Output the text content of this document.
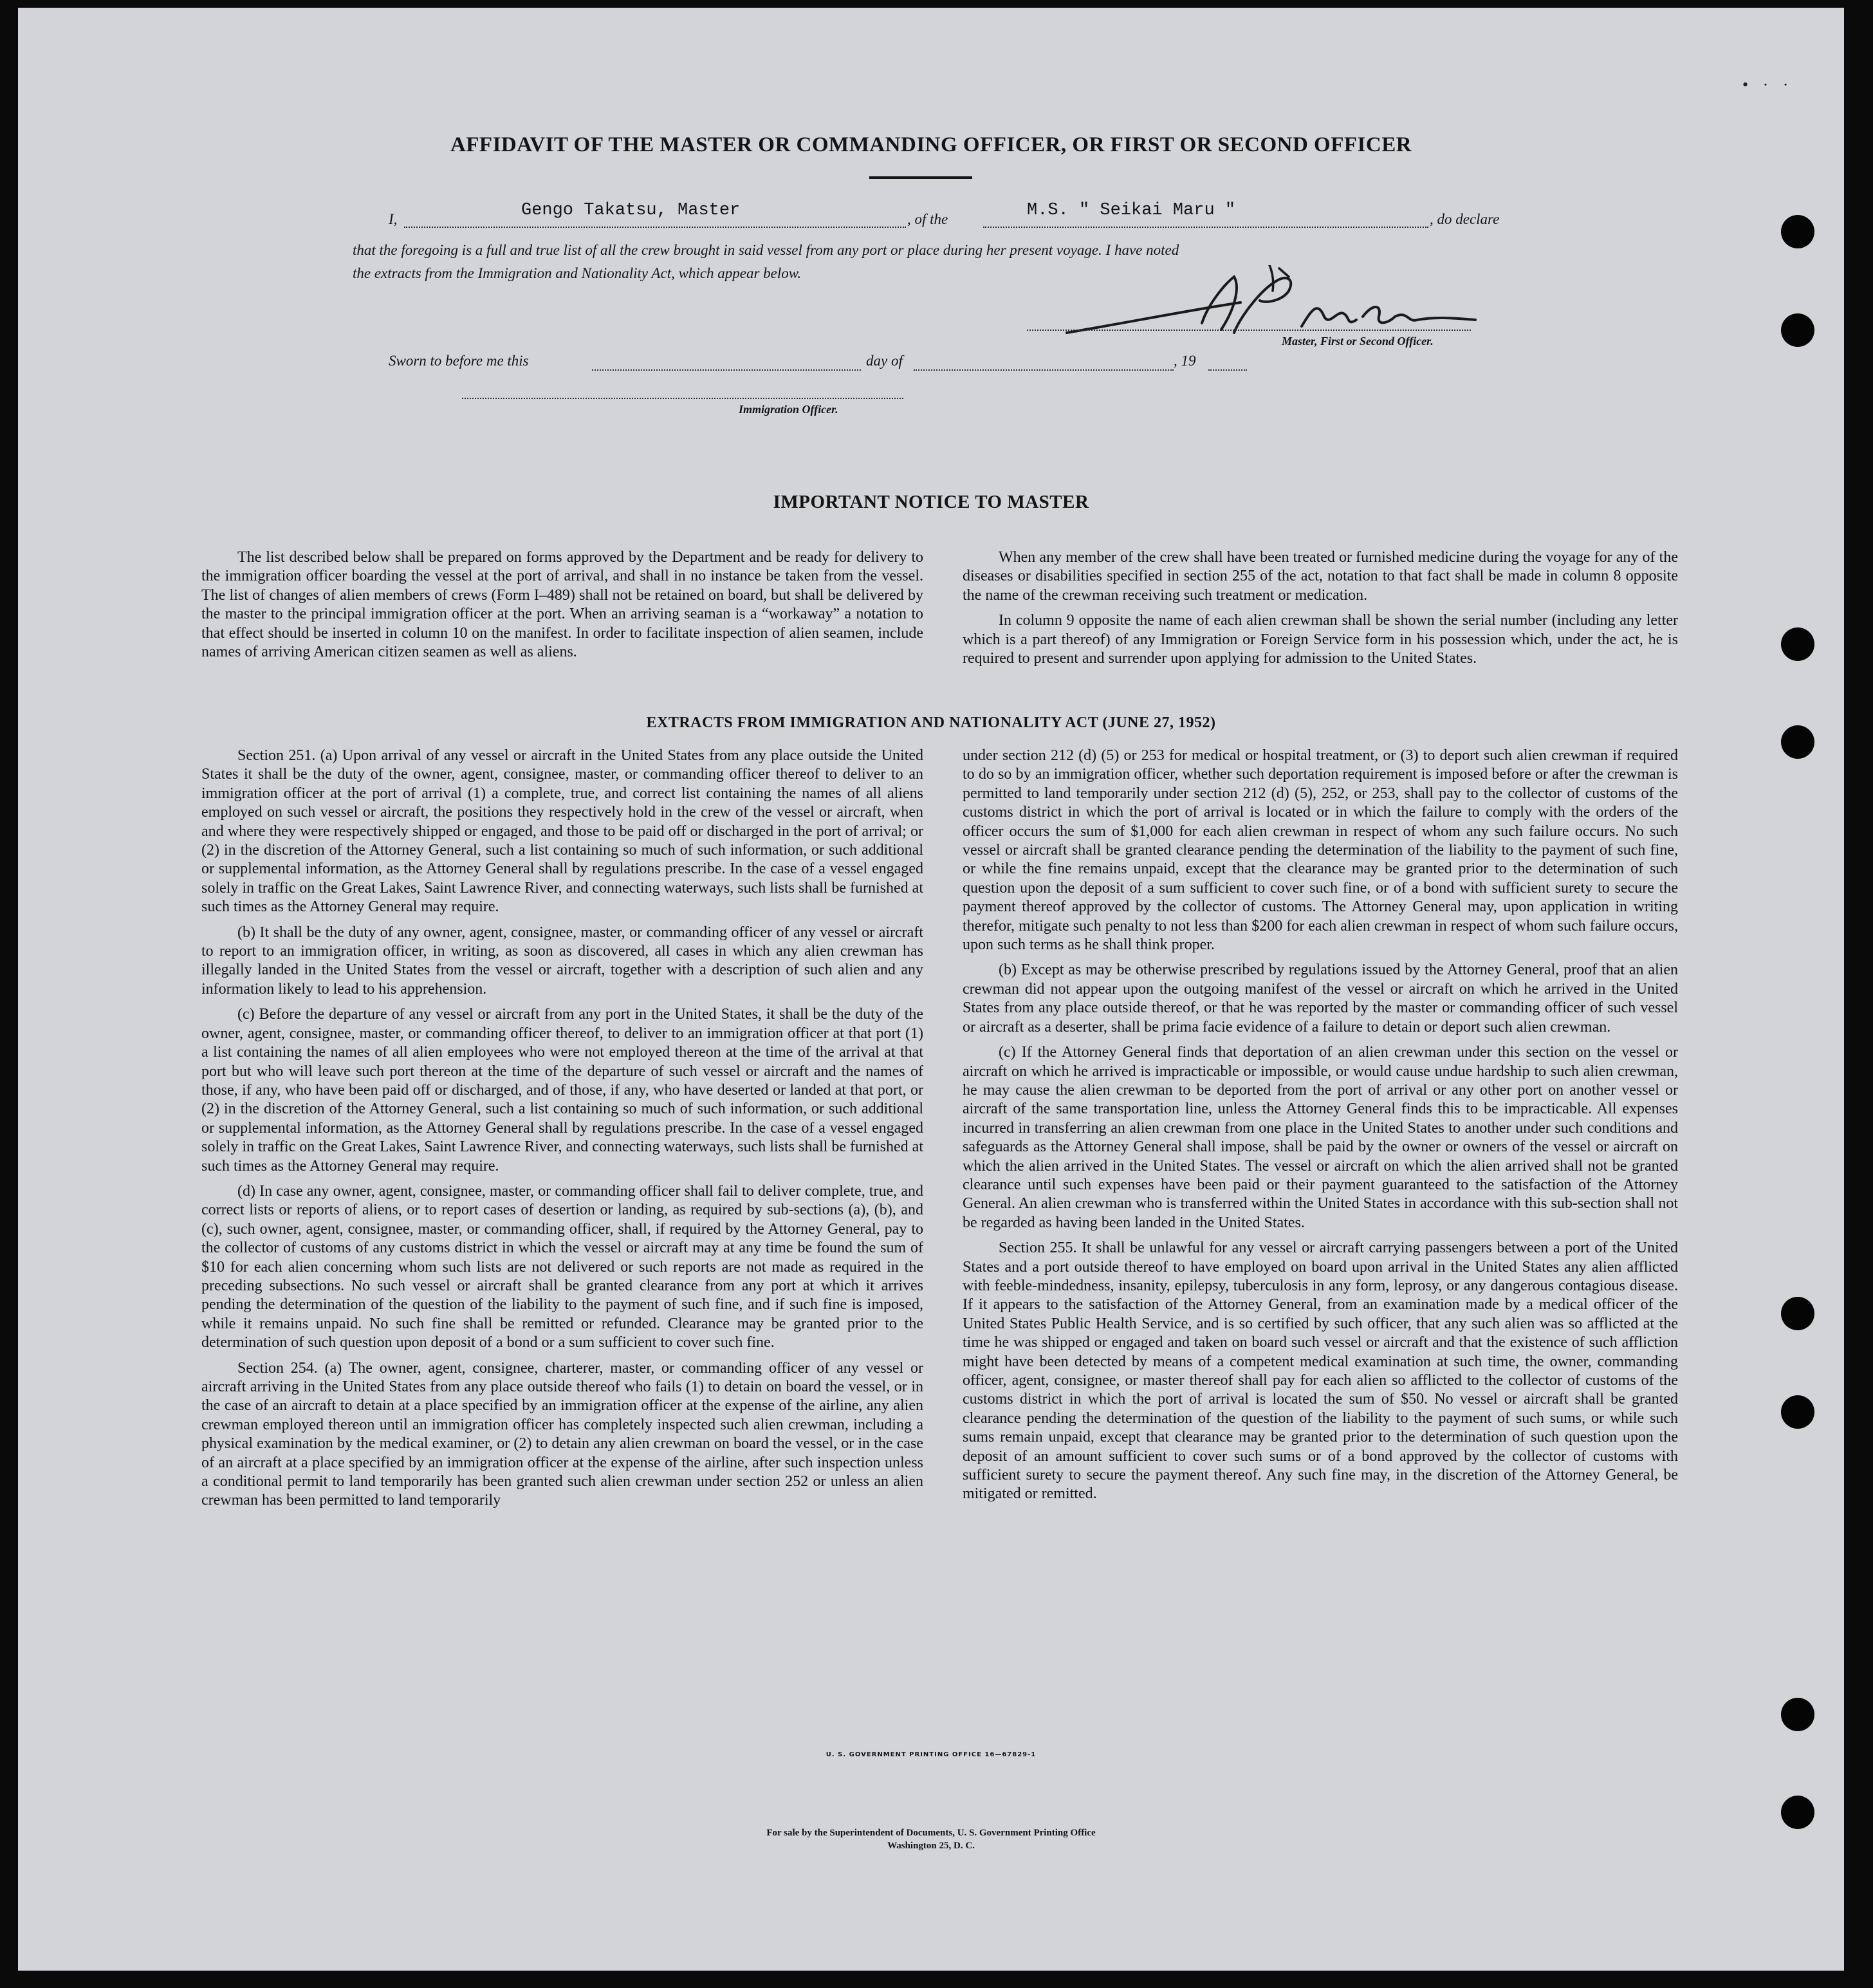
• · ·
AFFIDAVIT OF THE MASTER OR COMMANDING OFFICER, OR FIRST OR SECOND OFFICER
I,	Gengo Takatsu, Master	, of the	M.S. " Seikai Maru "	, do declare
that the foregoing is a full and true list of all the crew brought in said vessel from any port or place during her present voyage. I have noted
the extracts from the Immigration and Nationality Act, which appear below.
Master, First or Second Officer.
Sworn to before me this	day of	, 19
Immigration Officer.
IMPORTANT NOTICE TO MASTER

The list described below shall be prepared on forms approved by the Department and be ready for delivery to the immigration officer boarding the vessel at the port of arrival, and shall in no instance be taken from the vessel. The list of changes of alien members of crews (Form I–489) shall not be retained on board, but shall be delivered by the master to the principal immigration officer at the port. When an arriving seaman is a “workaway” a notation to that effect should be inserted in column 10 on the manifest. In order to facilitate inspection of alien seamen, include names of arriving American citizen seamen as well as aliens.

When any member of the crew shall have been treated or furnished medicine during the voyage for any of the diseases or disabilities specified in section 255 of the act, notation to that fact shall be made in column 8 opposite the name of the crewman receiving such treatment or medication.

In column 9 opposite the name of each alien crewman shall be shown the serial number (including any letter which is a part thereof) of any Immigration or Foreign Service form in his possession which, under the act, he is required to present and surrender upon applying for admission to the United States.

EXTRACTS FROM IMMIGRATION AND NATIONALITY ACT (JUNE 27, 1952)

Section 251. (a) Upon arrival of any vessel or aircraft in the United States from any place outside the United States it shall be the duty of the owner, agent, consignee, master, or commanding officer thereof to deliver to an immigration officer at the port of arrival (1) a complete, true, and correct list containing the names of all aliens employed on such vessel or aircraft, the positions they respectively hold in the crew of the vessel or aircraft, when and where they were respectively shipped or engaged, and those to be paid off or discharged in the port of arrival; or (2) in the discretion of the Attorney General, such a list containing so much of such information, or such additional or supplemental information, as the Attorney General shall by regulations prescribe. In the case of a vessel engaged solely in traffic on the Great Lakes, Saint Lawrence River, and connecting waterways, such lists shall be furnished at such times as the Attorney General may require.

(b) It shall be the duty of any owner, agent, consignee, master, or commanding officer of any vessel or aircraft to report to an immigration officer, in writing, as soon as discovered, all cases in which any alien crewman has illegally landed in the United States from the vessel or aircraft, together with a description of such alien and any information likely to lead to his apprehension.

(c) Before the departure of any vessel or aircraft from any port in the United States, it shall be the duty of the owner, agent, consignee, master, or commanding officer thereof, to deliver to an immigration officer at that port (1) a list containing the names of all alien employees who were not employed thereon at the time of the arrival at that port but who will leave such port thereon at the time of the departure of such vessel or aircraft and the names of those, if any, who have been paid off or discharged, and of those, if any, who have deserted or landed at that port, or (2) in the discretion of the Attorney General, such a list containing so much of such information, or such additional or supplemental information, as the Attorney General shall by regulations prescribe. In the case of a vessel engaged solely in traffic on the Great Lakes, Saint Lawrence River, and connecting waterways, such lists shall be furnished at such times as the Attorney General may require.

(d) In case any owner, agent, consignee, master, or commanding officer shall fail to deliver complete, true, and correct lists or reports of aliens, or to report cases of desertion or landing, as required by sub-sections (a), (b), and (c), such owner, agent, consignee, master, or commanding officer, shall, if required by the Attorney General, pay to the collector of customs of any customs district in which the vessel or aircraft may at any time be found the sum of $10 for each alien concerning whom such lists are not delivered or such reports are not made as required in the preceding subsections. No such vessel or aircraft shall be granted clearance from any port at which it arrives pending the determination of the question of the liability to the payment of such fine, and if such fine is imposed, while it remains unpaid. No such fine shall be remitted or refunded. Clearance may be granted prior to the determination of such question upon deposit of a bond or a sum sufficient to cover such fine.

Section 254. (a) The owner, agent, consignee, charterer, master, or commanding officer of any vessel or aircraft arriving in the United States from any place outside thereof who fails (1) to detain on board the vessel, or in the case of an aircraft to detain at a place specified by an immigration officer at the expense of the airline, any alien crewman employed thereon until an immigration officer has completely inspected such alien crewman, including a physical examination by the medical examiner, or (2) to detain any alien crewman on board the vessel, or in the case of an aircraft at a place specified by an immigration officer at the expense of the airline, after such inspection unless a conditional permit to land temporarily has been granted such alien crewman under section 252 or unless an alien crewman has been permitted to land temporarily

under section 212 (d) (5) or 253 for medical or hospital treatment, or (3) to deport such alien crewman if required to do so by an immigration officer, whether such deportation requirement is imposed before or after the crewman is permitted to land temporarily under section 212 (d) (5), 252, or 253, shall pay to the collector of customs of the customs district in which the port of arrival is located or in which the failure to comply with the orders of the officer occurs the sum of $1,000 for each alien crewman in respect of whom any such failure occurs. No such vessel or aircraft shall be granted clearance pending the determination of the liability to the payment of such fine, or while the fine remains unpaid, except that the clearance may be granted prior to the determination of such question upon the deposit of a sum sufficient to cover such fine, or of a bond with sufficient surety to secure the payment thereof approved by the collector of customs. The Attorney General may, upon application in writing therefor, mitigate such penalty to not less than $200 for each alien crewman in respect of whom such failure occurs, upon such terms as he shall think proper.

(b) Except as may be otherwise prescribed by regulations issued by the Attorney General, proof that an alien crewman did not appear upon the outgoing manifest of the vessel or aircraft on which he arrived in the United States from any place outside thereof, or that he was reported by the master or commanding officer of such vessel or aircraft as a deserter, shall be prima facie evidence of a failure to detain or deport such alien crewman.

(c) If the Attorney General finds that deportation of an alien crewman under this section on the vessel or aircraft on which he arrived is impracticable or impossible, or would cause undue hardship to such alien crewman, he may cause the alien crewman to be deported from the port of arrival or any other port on another vessel or aircraft of the same transportation line, unless the Attorney General finds this to be impracticable. All expenses incurred in transferring an alien crewman from one place in the United States to another under such conditions and safeguards as the Attorney General shall impose, shall be paid by the owner or owners of the vessel or aircraft on which the alien arrived in the United States. The vessel or aircraft on which the alien arrived shall not be granted clearance until such expenses have been paid or their payment guaranteed to the satisfaction of the Attorney General. An alien crewman who is transferred within the United States in accordance with this sub-section shall not be regarded as having been landed in the United States.

Section 255. It shall be unlawful for any vessel or aircraft carrying passengers between a port of the United States and a port outside thereof to have employed on board upon arrival in the United States any alien afflicted with feeble-mindedness, insanity, epilepsy, tuberculosis in any form, leprosy, or any dangerous contagious disease. If it appears to the satisfaction of the Attorney General, from an examination made by a medical officer of the United States Public Health Service, and is so certified by such officer, that any such alien was so afflicted at the time he was shipped or engaged and taken on board such vessel or aircraft and that the existence of such affliction might have been detected by means of a competent medical examination at such time, the owner, commanding officer, agent, consignee, or master thereof shall pay for each alien so afflicted to the collector of customs of the customs district in which the port of arrival is located the sum of $50. No vessel or aircraft shall be granted clearance pending the determination of the question of the liability to the payment of such sums, or while such sums remain unpaid, except that clearance may be granted prior to the determination of such question upon the deposit of an amount sufficient to cover such sums or of a bond approved by the collector of customs with sufficient surety to secure the payment thereof. Any such fine may, in the discretion of the Attorney General, be mitigated or remitted.

U. S. GOVERNMENT PRINTING OFFICE 16—67829-1
For sale by the Superintendent of Documents, U. S. Government Printing Office
Washington 25, D. C.
